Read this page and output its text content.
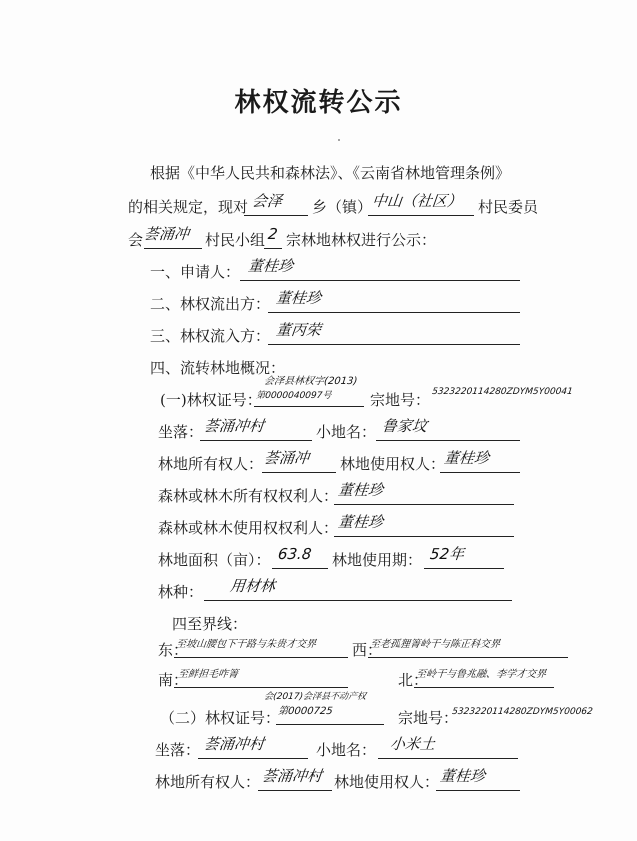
林权流转公示
根据《中华人民共和森林法》、《云南省林地管理条例》
的相关规定，现对 会泽 乡（镇） 中山（社区） 村民委员
会 荟涌冲 村民小组 2 宗林地林权进行公示：
一、申请人： 董桂珍
二、林权流出方： 董桂珍
三、林权流入方： 董丙荣
四、流转林地概况：
(一)林权证号：
会泽县林权字(2013)
第0000040097号	宗地号： 5323220114280ZDYM5Y00041
坐落： 荟涌冲村	小地名： 鲁家坟
林地所有权人： 荟涌冲 林地使用权人：
董桂珍
森林或林木所有权权利人： 董桂珍
森林或林木使用权权利人： 董桂珍
林地面积（亩）： 63.8 林地使用期： 52年
林种： 用材林
四至界线：
东：
至坡山腰包下干路与朱贵才交界 西：
至老孤狸箐岭干与陈正科交界
南：
至鲜担毛咋箐	北：
至岭干与鲁兆融、李学才交界
会(2017)会泽县不动产权
（二）林权证号：
第0000725	宗地号：
5323220114280ZDYM5Y00062
坐落： 荟涌冲村	小地名： 小米土
林地所有权人： 荟涌冲村 林地使用权人： 董桂珍
